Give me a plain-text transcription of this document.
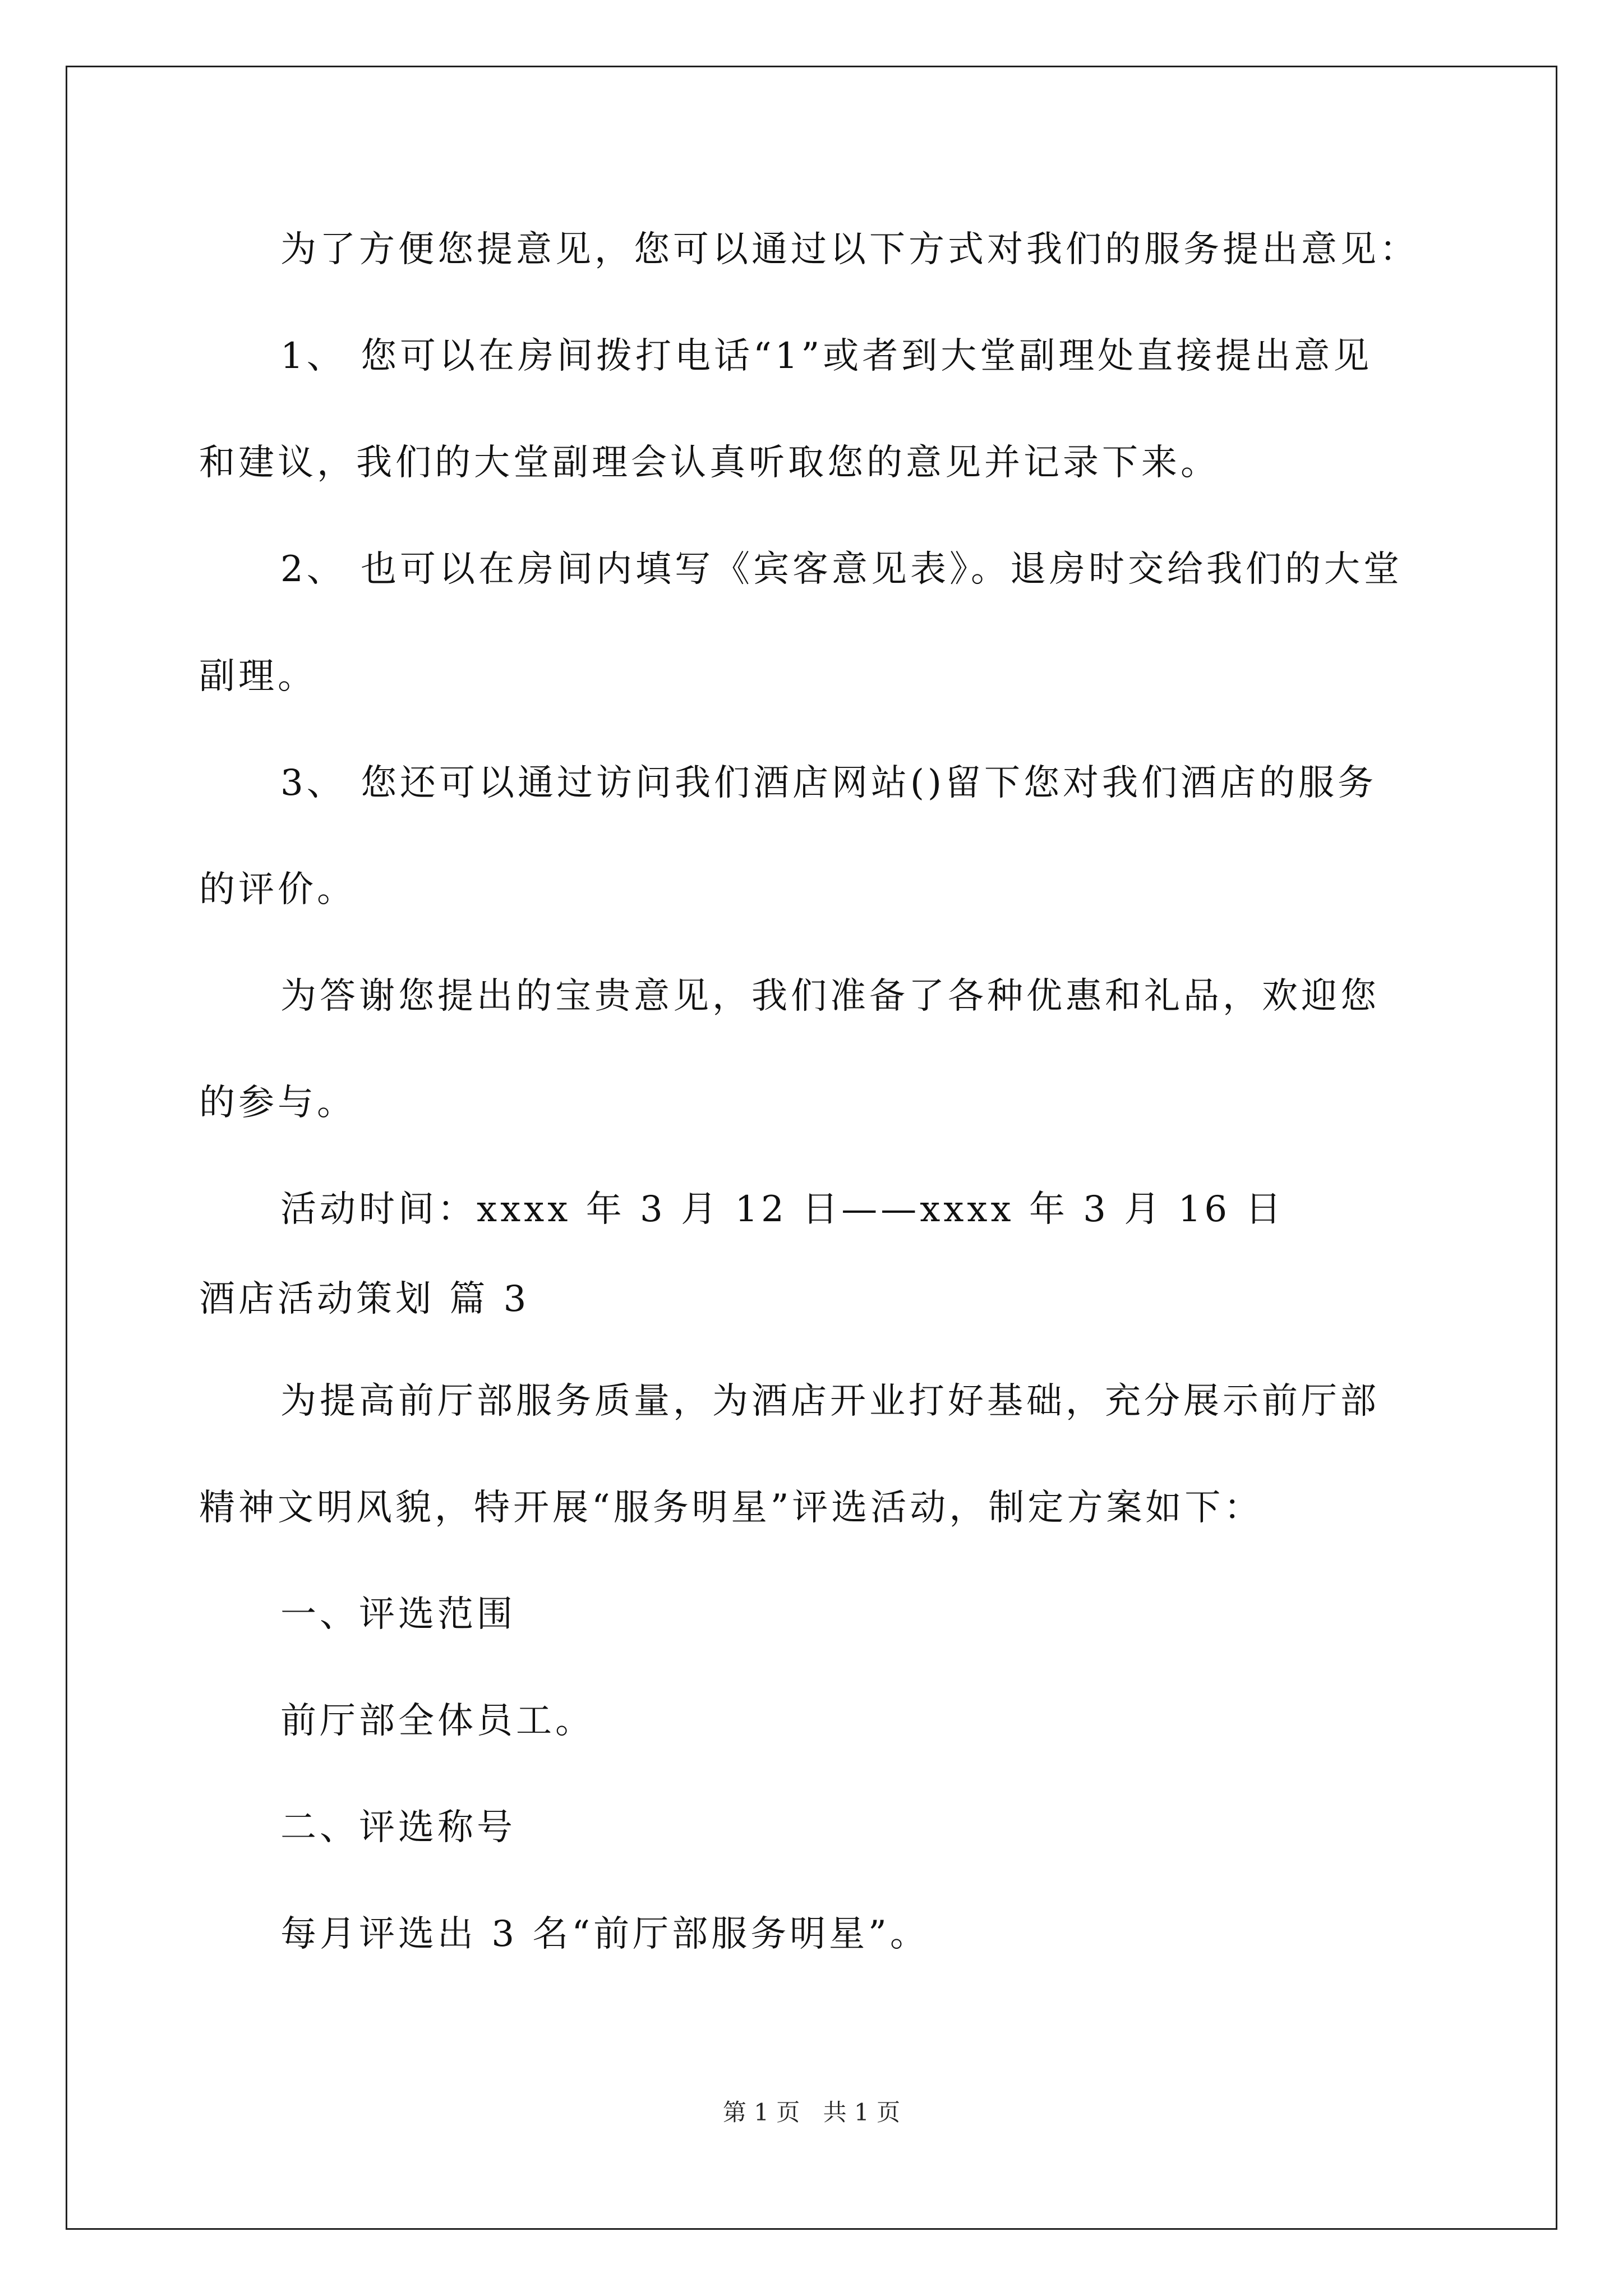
为了方便您提意见，您可以通过以下方式对我们的服务提出意见：
1、 您可以在房间拨打电话“1”或者到大堂副理处直接提出意见
和建议，我们的大堂副理会认真听取您的意见并记录下来。
2、 也可以在房间内填写《宾客意见表》。退房时交给我们的大堂
副理。
3、 您还可以通过访问我们酒店网站()留下您对我们酒店的服务
的评价。
为答谢您提出的宝贵意见，我们准备了各种优惠和礼品，欢迎您
的参与。
活动时间：xxxx 年 3 月 12 日——xxxx 年 3 月 16 日
酒店活动策划 篇 3
为提高前厅部服务质量，为酒店开业打好基础，充分展示前厅部
精神文明风貌，特开展“服务明星”评选活动，制定方案如下：
一、评选范围
前厅部全体员工。
二、评选称号
每月评选出 3 名“前厅部服务明星”。
第 1 页 共 1 页
